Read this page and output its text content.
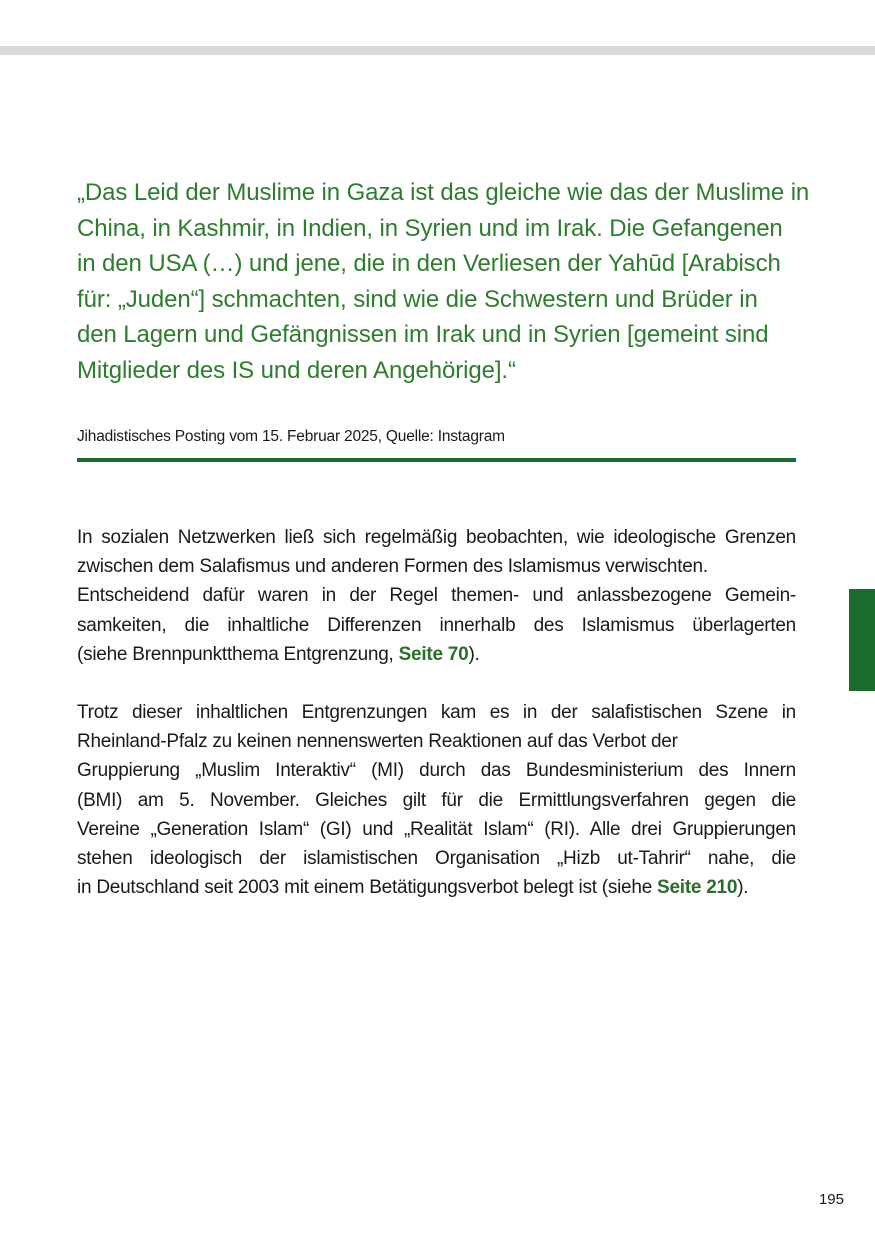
„Das Leid der Muslime in Gaza ist das gleiche wie das der Muslime in
China, in Kashmir, in Indien, in Syrien und im Irak. Die Gefangenen
in den USA (…) und jene, die in den Verliesen der Yahūd [Arabisch
für: „Juden“] schmachten, sind wie die Schwestern und Brüder in
den Lagern und Gefängnissen im Irak und in Syrien [gemeint sind
Mitglieder des IS und deren Angehörige].“

Jihadistisches Posting vom 15. Februar 2025, Quelle: Instagram

In sozialen Netzwerken ließ sich regelmäßig beobachten, wie ideologische Grenzen
zwischen dem Salafismus und anderen Formen des Islamismus verwischten.
Entscheidend dafür waren in der Regel themen- und anlassbezogene Gemein-
samkeiten, die inhaltliche Differenzen innerhalb des Islamismus überlagerten
(siehe Brennpunktthema Entgrenzung, Seite 70).

Trotz dieser inhaltlichen Entgrenzungen kam es in der salafistischen Szene in
Rheinland-Pfalz zu keinen nennenswerten Reaktionen auf das Verbot der
Gruppierung „Muslim Interaktiv“ (MI) durch das Bundesministerium des Innern
(BMI) am 5. November. Gleiches gilt für die Ermittlungsverfahren gegen die
Vereine „Generation Islam“ (GI) und „Realität Islam“ (RI). Alle drei Gruppierungen
stehen ideologisch der islamistischen Organisation „Hizb ut-Tahrir“ nahe, die
in Deutschland seit 2003 mit einem Betätigungsverbot belegt ist (siehe Seite 210).

195
